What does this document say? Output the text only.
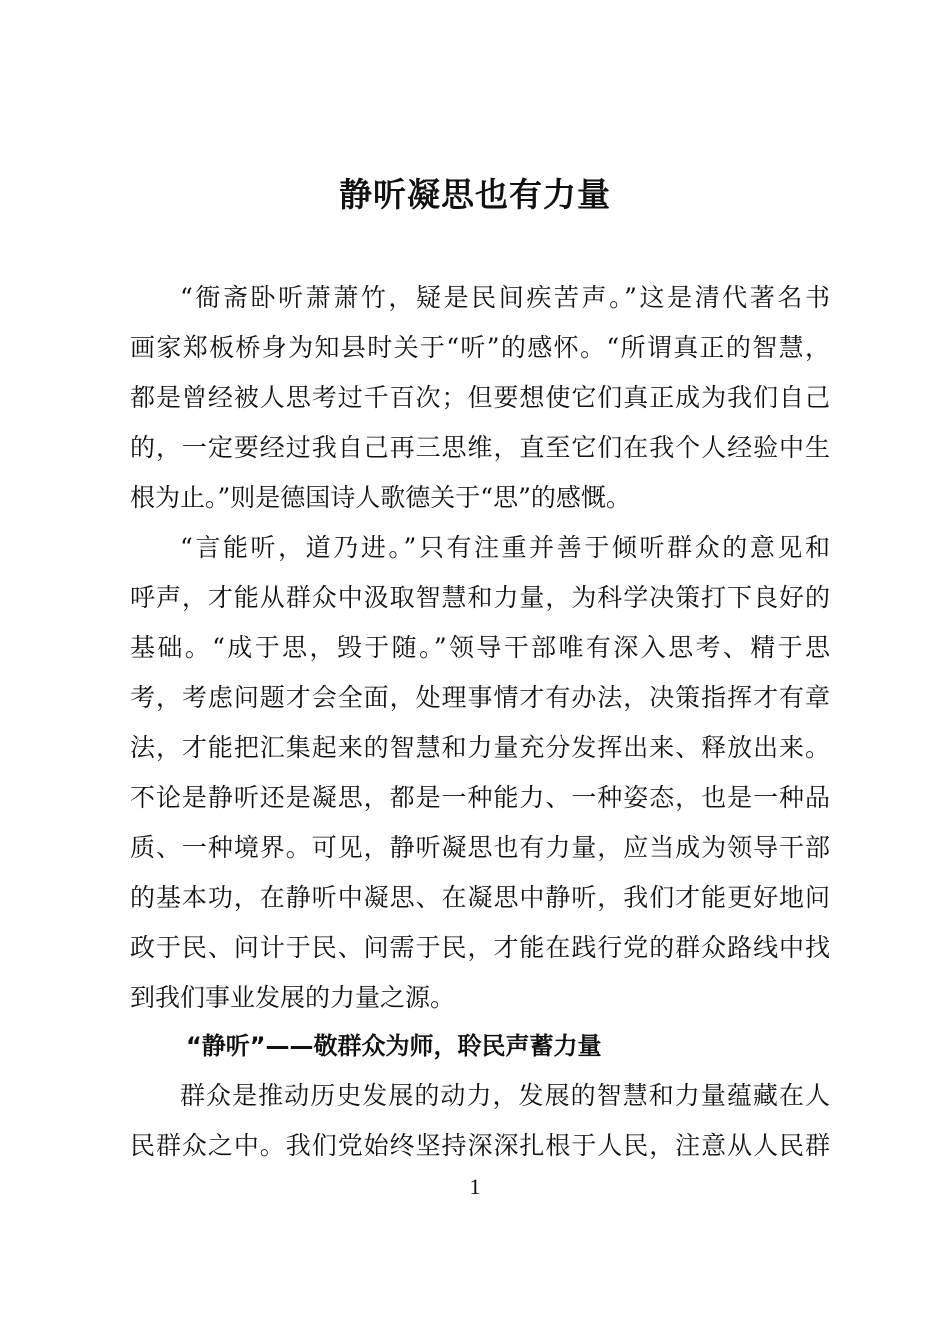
静听凝思也有力量
“衙斋卧听萧萧竹，疑是民间疾苦声。”这是清代著名书
画家郑板桥身为知县时关于“听”的感怀。“所谓真正的智慧，
都是曾经被人思考过千百次；但要想使它们真正成为我们自己
的，一定要经过我自己再三思维，直至它们在我个人经验中生
根为止。”则是德国诗人歌德关于“思”的感慨。
“言能听，道乃进。”只有注重并善于倾听群众的意见和
呼声，才能从群众中汲取智慧和力量，为科学决策打下良好的
基础。“成于思，毁于随。”领导干部唯有深入思考、精于思
考，考虑问题才会全面，处理事情才有办法，决策指挥才有章
法，才能把汇集起来的智慧和力量充分发挥出来、释放出来。
不论是静听还是凝思，都是一种能力、一种姿态，也是一种品
质、一种境界。可见，静听凝思也有力量，应当成为领导干部
的基本功，在静听中凝思、在凝思中静听，我们才能更好地问
政于民、问计于民、问需于民，才能在践行党的群众路线中找
到我们事业发展的力量之源。
“静听”——敬群众为师，聆民声蓄力量
群众是推动历史发展的动力，发展的智慧和力量蕴藏在人
民群众之中。我们党始终坚持深深扎根于人民，注意从人民群
1
